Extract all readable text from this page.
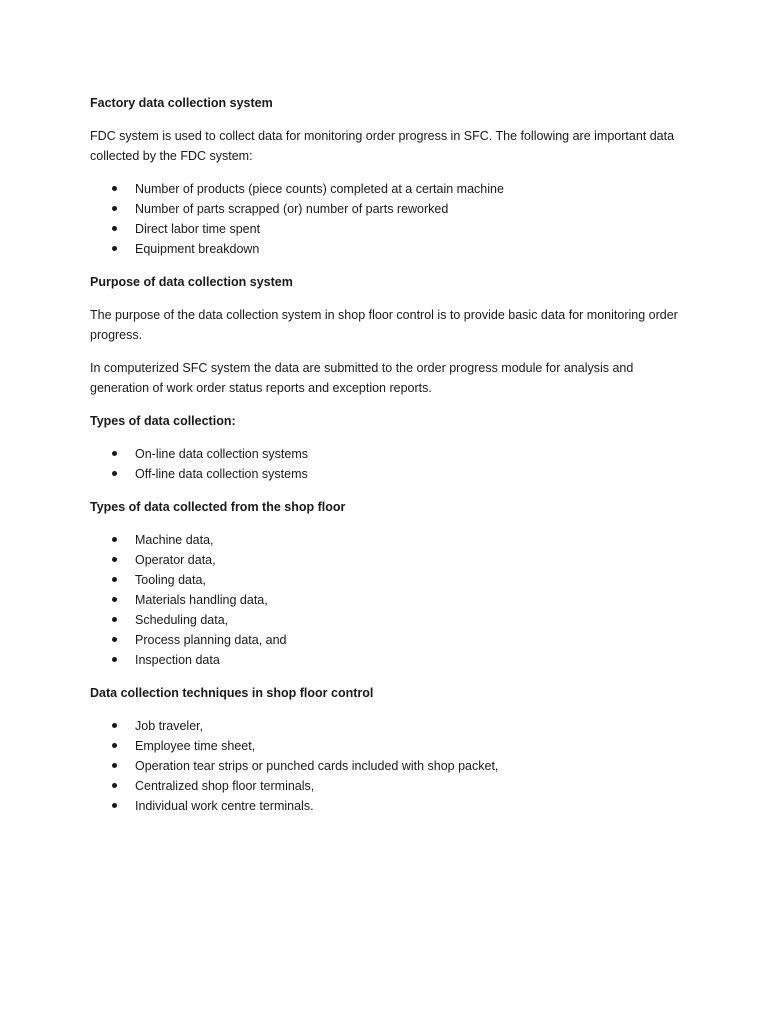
Factory data collection system
FDC system is used to collect data for monitoring order progress in SFC. The following are important data collected by the FDC system:
Number of products (piece counts) completed at a certain machine
Number of parts scrapped (or) number of parts reworked
Direct labor time spent
Equipment breakdown
Purpose of data collection system
The purpose of the data collection system in shop floor control is to provide basic data for monitoring order progress.
In computerized SFC system the data are submitted to the order progress module for analysis and generation of work order status reports and exception reports.
Types of data collection:
On-line data collection systems
Off-line data collection systems
Types of data collected from the shop floor
Machine data,
Operator data,
Tooling data,
Materials handling data,
Scheduling data,
Process planning data, and
Inspection data
Data collection techniques in shop floor control
Job traveler,
Employee time sheet,
Operation tear strips or punched cards included with shop packet,
Centralized shop floor terminals,
Individual work centre terminals.
